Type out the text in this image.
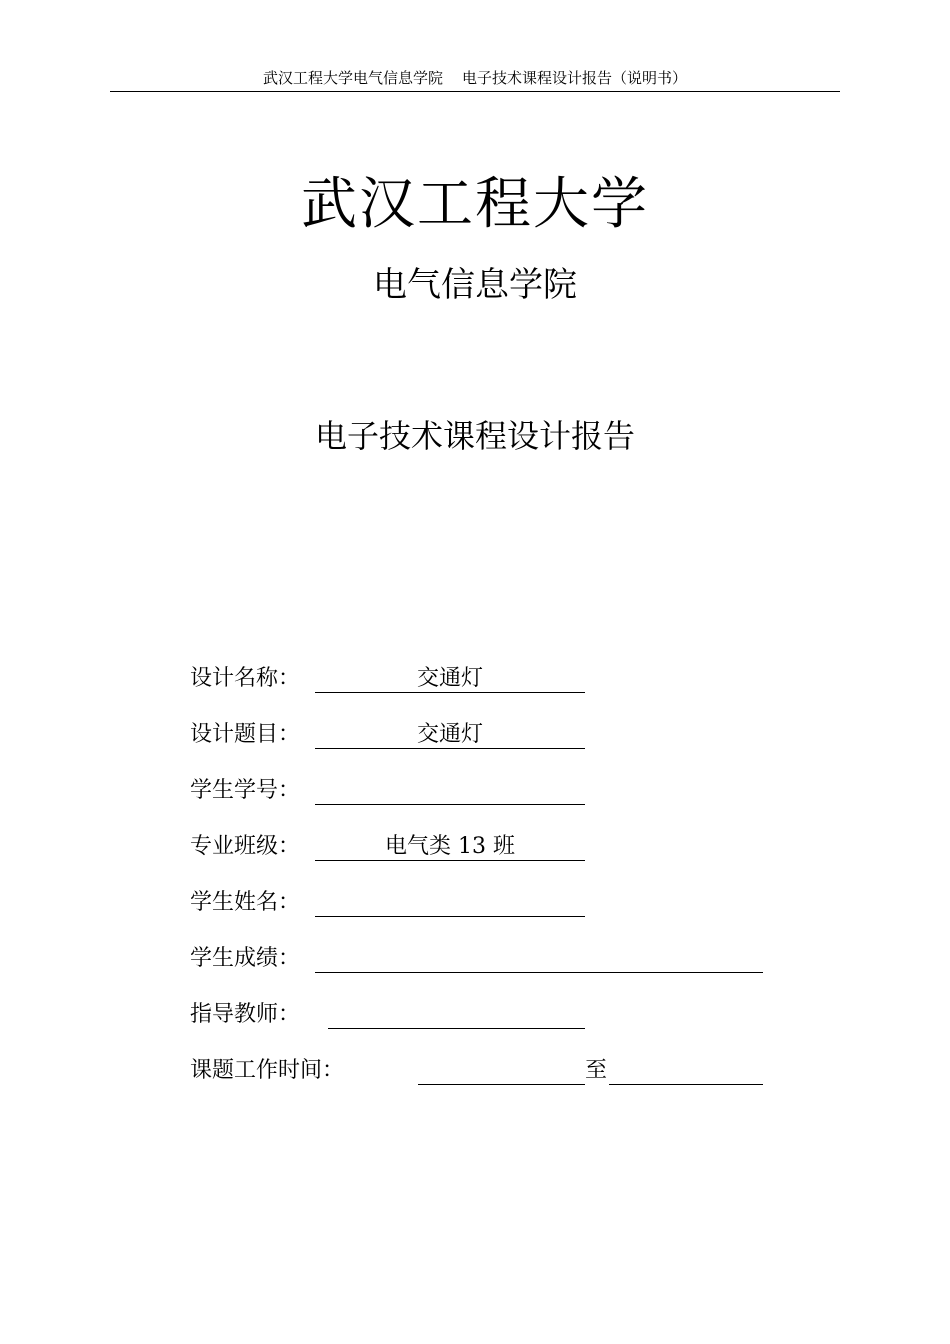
武汉工程大学电气信息学院    电子技术课程设计报告（说明书）
武汉工程大学
电气信息学院
电子技术课程设计报告
设计名称：	交通灯
设计题目：	交通灯
学生学号：
专业班级：	电气类 13 班
学生姓名：
学生成绩：
指导教师：
课题工作时间：	至
